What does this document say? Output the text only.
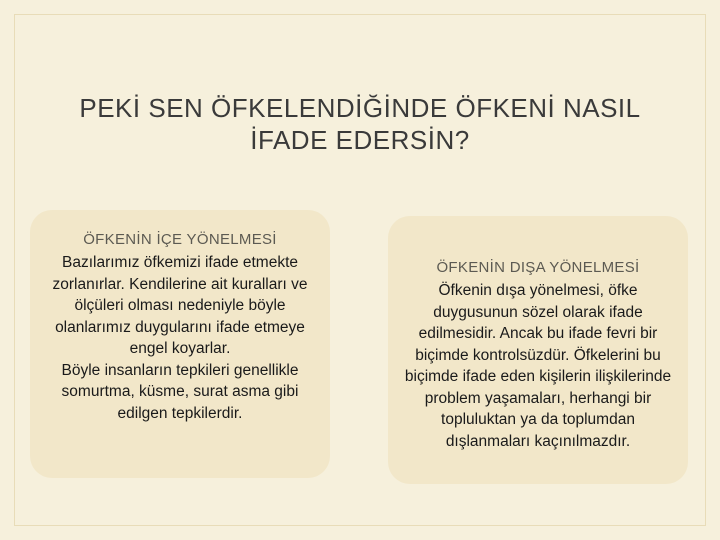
PEKİ SEN ÖFKELENDİĞİNDE ÖFKENİ NASIL İFADE EDERSİN?
ÖFKENİN İÇE YÖNELMESİ
Bazılarımız öfkemizi ifade etmekte zorlanırlar. Kendilerine ait kuralları ve ölçüleri olması nedeniyle böyle olanlarımız duygularını ifade etmeye engel koyarlar.
Böyle insanların tepkileri genellikle somurtma, küsme, surat asma gibi edilgen tepkilerdir.
ÖFKENİN DIŞA YÖNELMESİ
Öfkenin dışa yönelmesi, öfke duygusunun sözel olarak ifade edilmesidir. Ancak bu ifade fevri bir biçimde kontrolsüzdür. Öfkelerini bu biçimde ifade eden kişilerin ilişkilerinde problem yaşamaları, herhangi bir topluluktan ya da toplumdan dışlanmaları kaçınılmazdır.
